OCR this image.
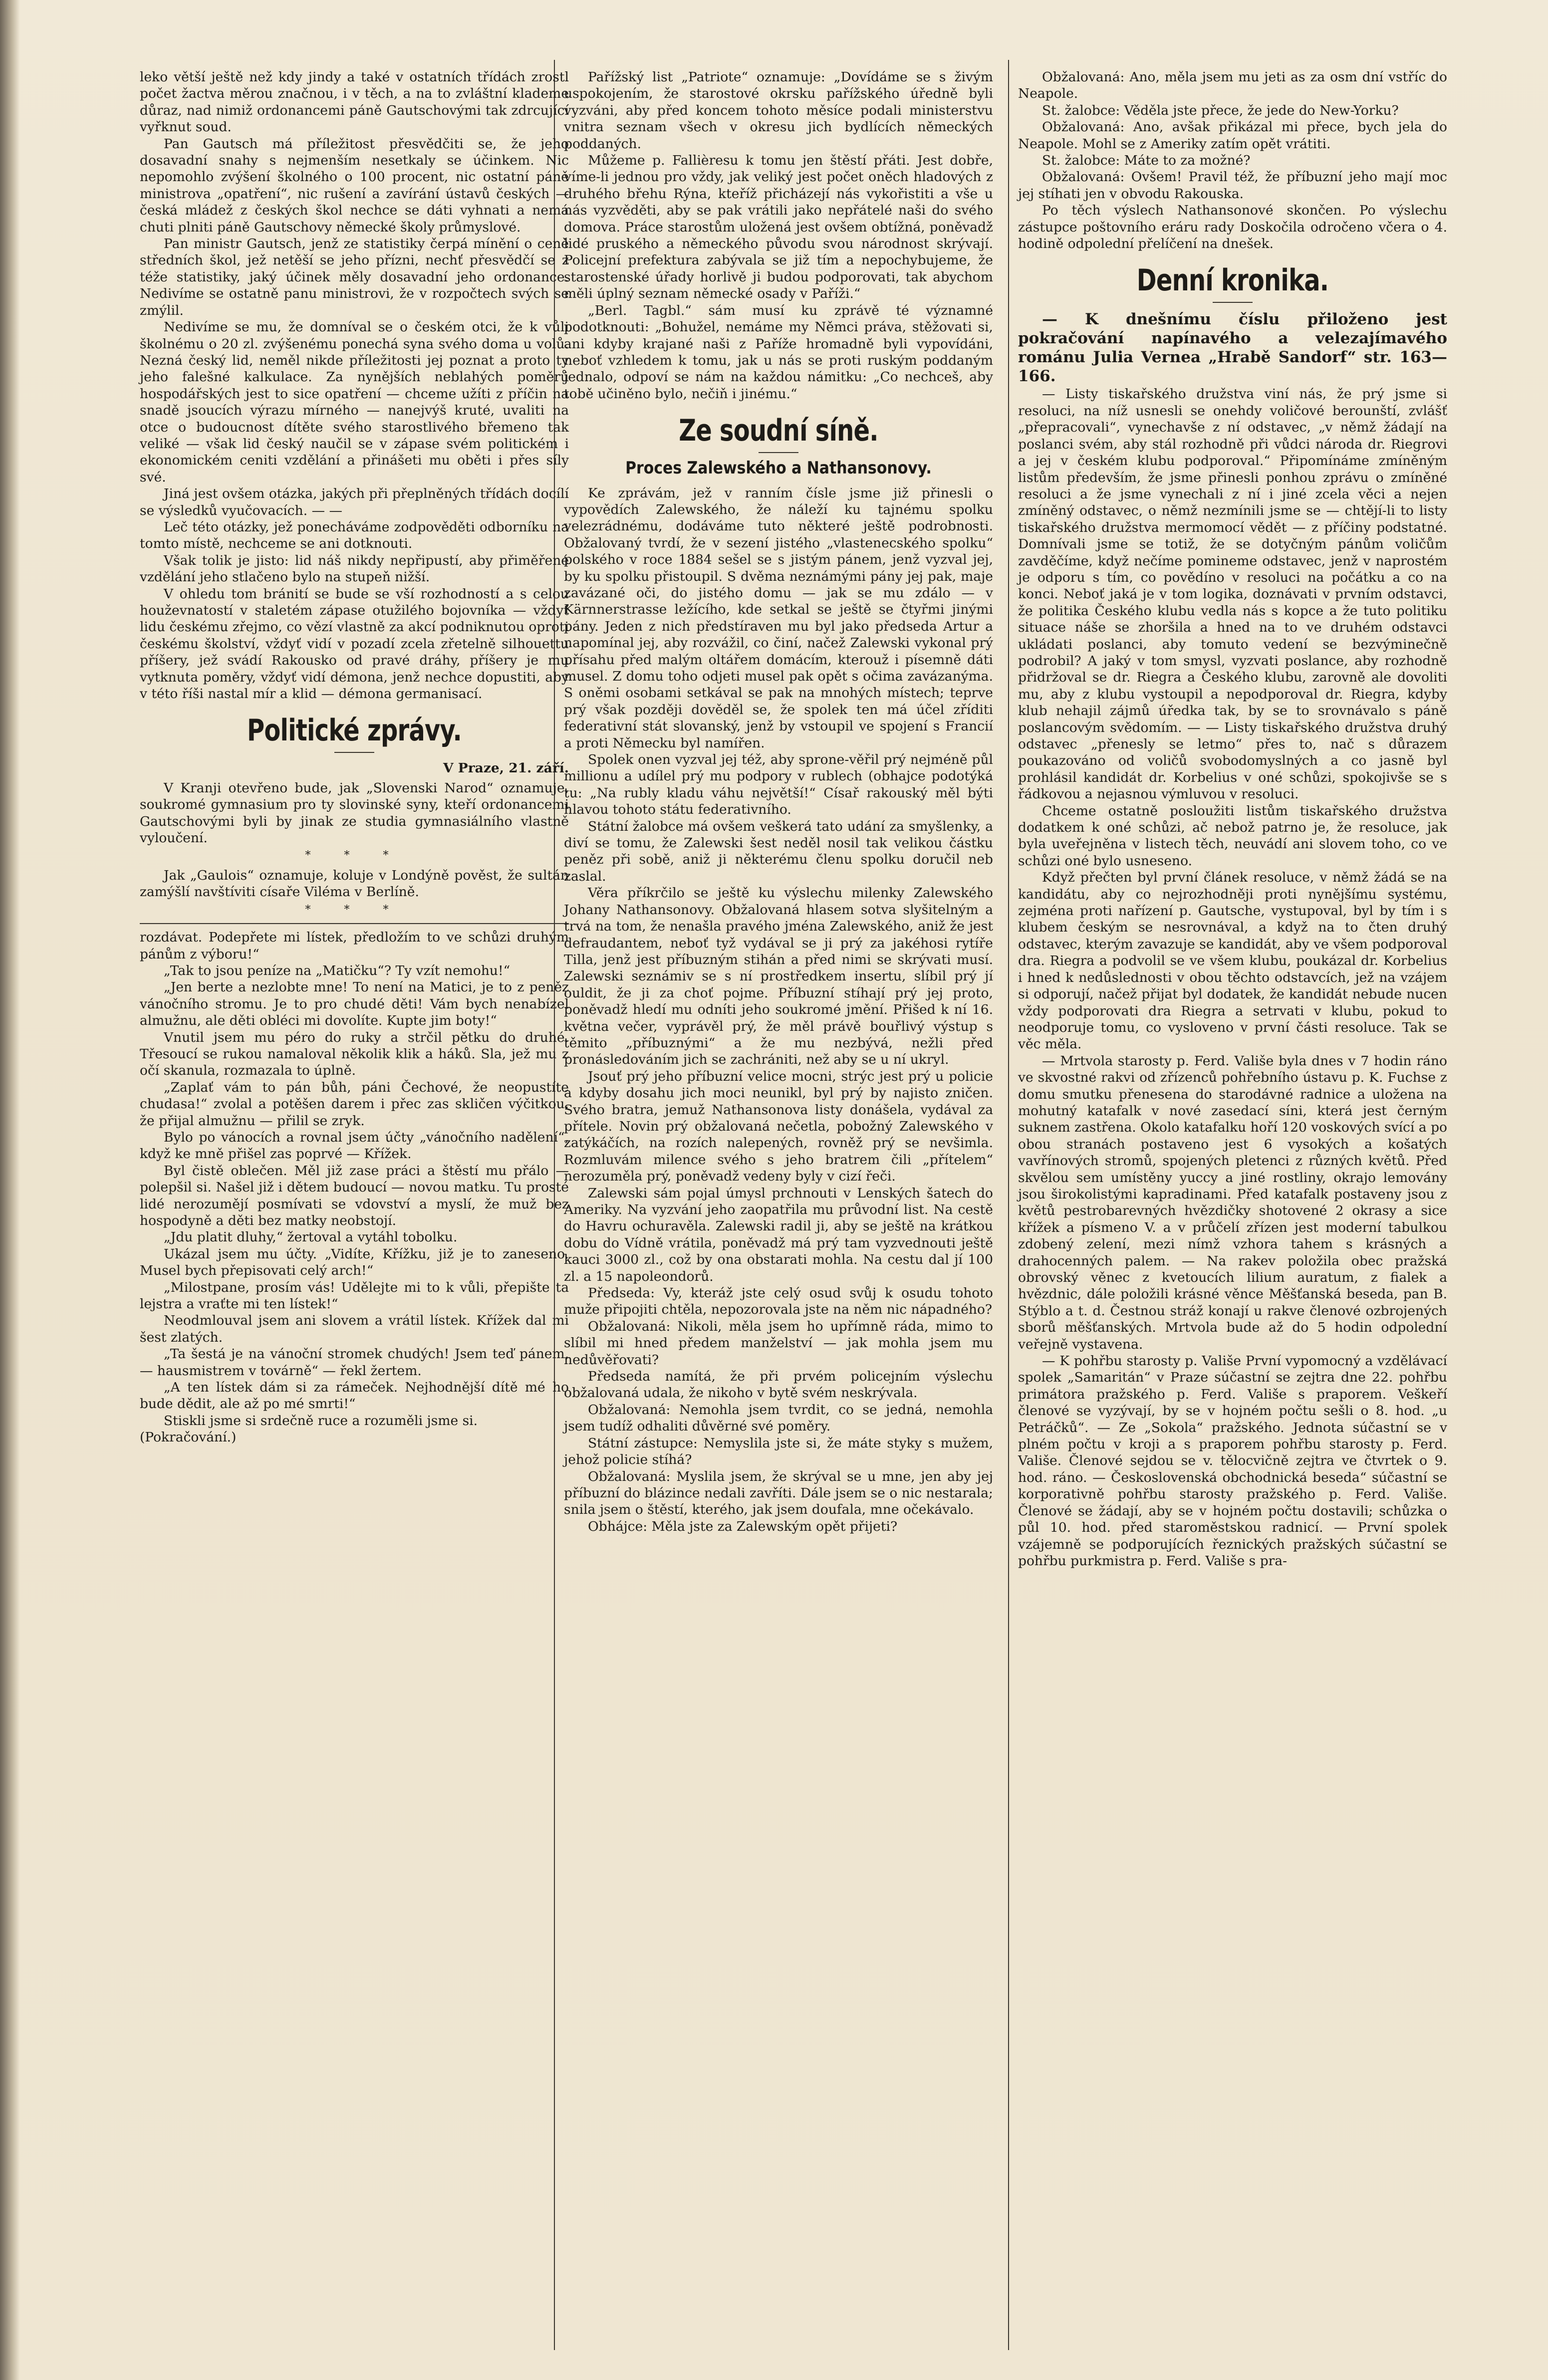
leko větší ještě než kdy jindy a také v ostatních třídách zrostl počet žactva měrou značnou, i v těch, a na to zvláštní klademe důraz, nad nimiž ordonancemi páně Gautschovými tak zdrcující vyřknut soud.

Pan Gautsch má příležitost přesvědčiti se, že jeho dosavadní snahy s nejmenším nesetkaly se účinkem. Nic nepomohlo zvýšení školného o 100 procent, nic ostatní páně ministrova „opatření“, nic rušení a zavírání ústavů českých — česká mládež z českých škol nechce se dáti vyhnati a nemá chuti plniti páně Gautschovy německé školy průmyslové.

Pan ministr Gautsch, jenž ze statistiky čerpá mínění o ceně středních škol, jež netěší se jeho přízni, nechť přesvědčí se z téže statistiky, jaký účinek měly dosavadní jeho ordonance. Nedivíme se ostatně panu ministrovi, že v rozpočtech svých se zmýlil.

Nedivíme se mu, že domníval se o českém otci, že k vůli školnému o 20 zl. zvýšenému ponechá syna svého doma u volů. Nezná český lid, neměl nikde příležitosti jej poznat a proto ty jeho falešné kalkulace. Za nynějších neblahých poměrů hospodářských jest to sice opatření — chceme užíti z příčin na snadě jsoucích výrazu mírného — nanejvýš kruté, uvaliti na otce o budoucnost dítěte svého starostlivého břemeno tak veliké — však lid český naučil se v zápase svém politickém i ekonomickém ceniti vzdělání a přinášeti mu oběti i přes síly své.

Jiná jest ovšem otázka, jakých při přeplněných třídách docílí se výsledků vyučovacích. — —

Leč této otázky, jež ponecháváme zodpověděti odborníku na tomto místě, nechceme se ani dotknouti.

Však tolik je jisto: lid náš nikdy nepřipustí, aby přiměřené vzdělání jeho stlačeno bylo na stupeň nižší.

V ohledu tom bránití se bude se vší rozhodností a s celou houževnatostí v staletém zápase otužilého bojovníka — vždyť lidu českému zřejmo, co vězí vlastně za akcí podniknutou oproti českému školství, vždyť vidí v pozadí zcela zřetelně silhouettu příšery, jež svádí Rakousko od pravé dráhy, příšery je mu vytknuta poměry, vždyť vidí démona, jenž nechce dopustiti, aby v této říši nastal mír a klid — démona germanisací.

Politické zprávy.
V Praze, 21. září.

V Kranji otevřeno bude, jak „Slovenski Narod“ oznamuje, soukromé gymnasium pro ty slovinské syny, kteří ordonancemi Gautschovými byli by jinak ze studia gymnasiálního vlastně vyloučení.

* * *

Jak „Gaulois“ oznamuje, koluje v Londýně pověst, že sultán zamýšlí navštíviti císaře Viléma v Berlíně.

* * *

rozdávat. Podepřete mi lístek, předložím to ve schůzi druhým pánům z výboru!“

„Tak to jsou peníze na „Matičku“? Ty vzít nemohu!“

„Jen berte a nezlobte mne! To není na Matici, je to z peněz vánočního stromu. Je to pro chudé děti! Vám bych nenabízel almužnu, ale děti obléci mi dovolíte. Kupte jim boty!“

Vnutil jsem mu péro do ruky a strčil pětku do druhé. Třesoucí se rukou namaloval několik klik a háků. Sla, jež mu z očí skanula, rozmazala to úplně.

„Zaplať vám to pán bůh, páni Čechové, že neopustíte chudasa!“ zvolal a potěšen darem i přec zas skličen výčitkou, že přijal almužnu — přilil se zryk.

Bylo po vánocích a rovnal jsem účty „vánočního nadělení“, když ke mně přišel zas poprvé — Křížek.

Byl čistě oblečen. Měl již zase práci a štěstí mu přálo — polepšil si. Našel již i dětem budoucí — novou matku. Tu prosté lidé nerozumějí posmívati se vdovství a myslí, že muž bez hospodyně a děti bez matky neobstojí.

„Jdu platit dluhy,“ žertoval a vytáhl tobolku.

Ukázal jsem mu účty. „Vidíte, Křížku, již je to zaneseno. Musel bych přepisovati celý arch!“

„Milostpane, prosím vás! Udělejte mi to k vůli, přepište ta lejstra a vraťte mi ten lístek!“

Neodmlouval jsem ani slovem a vrátil lístek. Křížek dal mi šest zlatých.

„Ta šestá je na vánoční stromek chudých! Jsem teď pánem, — hausmistrem v továrně“ — řekl žertem.

„A ten lístek dám si za rámeček. Nejhodnější dítě mé ho bude dědit, ale až po mé smrti!“

Stiskli jsme si srdečně ruce a rozuměli jsme si.

(Pokračování.)

Pařížský list „Patriote“ oznamuje: „Dovídáme se s živým uspokojením, že starostové okrsku pařížského úředně byli vyzváni, aby před koncem tohoto měsíce podali ministerstvu vnitra seznam všech v okresu jich bydlících německých poddaných.

Můžeme p. Fallièresu k tomu jen štěstí přáti. Jest dobře, víme-li jednou pro vždy, jak veliký jest počet oněch hladových z druhého břehu Rýna, kteříž přicházejí nás vykořistiti a vše u nás vyzvěděti, aby se pak vrátili jako nepřátelé naši do svého domova. Práce starostům uložená jest ovšem obtížná, poněvadž lidé pruského a německého původu svou národnost skrývají. Policejní prefektura zabývala se již tím a nepochybujeme, že starostenské úřady horlivě ji budou podporovati, tak abychom měli úplný seznam německé osady v Paříži.“

„Berl. Tagbl.“ sám musí ku zprávě té významné podotknouti: „Bohužel, nemáme my Němci práva, stěžovati si, ani kdyby krajané naši z Paříže hromadně byli vypovídáni, neboť vzhledem k tomu, jak u nás se proti ruským poddaným jednalo, odpoví se nám na každou námitku: „Co nechceš, aby tobě učiněno bylo, nečiň i jinému.“

Ze soudní síně.
Proces Zalewského a Nathansonovy.

Ke zprávám, jež v ranním čísle jsme již přinesli o vypovědích Zalewského, že náleží ku tajnému spolku velezrádnému, dodáváme tuto některé ještě podrobnosti. Obžalovaný tvrdí, že v sezení jistého „vlastenecského spolku“ polského v roce 1884 sešel se s jistým pánem, jenž vyzval jej, by ku spolku přistoupil. S dvěma neznámými pány jej pak, maje zavázané oči, do jistého domu — jak se mu zdálo — v Kärnnerstrasse ležícího, kde setkal se ještě se čtyřmi jinými pány. Jeden z nich předstíraven mu byl jako předseda Artur a napomínal jej, aby rozvážil, co činí, načež Zalewski vykonal prý přísahu před malým oltářem domácím, kterouž i písemně dáti musel. Z domu toho odjeti musel pak opět s očima zavázanýma. S oněmi osobami setkával se pak na mnohých místech; teprve prý však později dověděl se, že spolek ten má účel zříditi federativní stát slovanský, jenž by vstoupil ve spojení s Francií a proti Německu byl namířen.

Spolek onen vyzval jej též, aby sprone-věřil prý nejméně půl millionu a udílel prý mu podpory v rublech (obhajce podotýká tu: „Na rubly kladu váhu největší!“ Císař rakouský měl býti hlavou tohoto státu federativního.

Státní žalobce má ovšem veškerá tato udání za smyšlenky, a diví se tomu, že Zalewski šest neděl nosil tak velikou částku peněz při sobě, aniž ji některému členu spolku doručil neb zaslal.

Věra příkrčilo se ještě ku výslechu milenky Zalewského Johany Nathansonovy. Obžalovaná hlasem sotva slyšitelným a trvá na tom, že nenašla pravého jména Zalewského, aniž že jest defraudantem, neboť tyž vydával se ji prý za jakéhosi rytíře Tilla, jenž jest příbuzným stihán a před nimi se skrývati musí. Zalewski seznámiv se s ní prostředkem insertu, slíbil prý jí ouldit, že ji za choť pojme. Příbuzní stíhají prý jej proto, poněvadž hledí mu odníti jeho soukromé jmění. Přišed k ní 16. května večer, vyprávěl prý, že měl právě bouřlivý výstup s těmito „příbuznými“ a že mu nezbývá, nežli před pronásledováním jich se zachrániti, než aby se u ní ukryl.

Jsouť prý jeho příbuzní velice mocni, strýc jest prý u policie a kdyby dosahu jich moci neunikl, byl prý by najisto zničen. Svého bratra, jemuž Nathansonova listy donášela, vydával za přítele. Novin prý obžalovaná nečetla, pobožný Zalewského v zatýkáčích, na rozích nalepených, rovněž prý se nevšimla. Rozmluvám milence svého s jeho bratrem čili „přítelem“ nerozuměla prý, poněvadž vedeny byly v cizí řeči.

Zalewski sám pojal úmysl prchnouti v Lenských šatech do Ameriky. Na vyzvání jeho zaopatřila mu průvodní list. Na cestě do Havru ochuravěla. Zalewski radil ji, aby se ještě na krátkou dobu do Vídně vrátila, poněvadž má prý tam vyzvednouti ještě kauci 3000 zl., což by ona obstarati mohla. Na cestu dal jí 100 zl. a 15 napoleondorů.

Předseda: Vy, kteráž jste celý osud svůj k osudu tohoto muže připojiti chtěla, nepozorovala jste na něm nic nápadného?

Obžalovaná: Nikoli, měla jsem ho upřímně ráda, mimo to slíbil mi hned předem manželství — jak mohla jsem mu nedůvěřovati?

Předseda namítá, že při prvém policejním výslechu obžalovaná udala, že nikoho v bytě svém neskrývala.

Obžalovaná: Nemohla jsem tvrdit, co se jedná, nemohla jsem tudíž odhaliti důvěrné své poměry.

Státní zástupce: Nemyslila jste si, že máte styky s mužem, jehož policie stíhá?

Obžalovaná: Myslila jsem, že skrýval se u mne, jen aby jej příbuzní do blázince nedali zavříti. Dále jsem se o nic nestarala; snila jsem o štěstí, kterého, jak jsem doufala, mne očekávalo.

Obhájce: Měla jste za Zalewským opět přijeti?

Obžalovaná: Ano, měla jsem mu jeti as za osm dní vstříc do Neapole.

St. žalobce: Věděla jste přece, že jede do New-Yorku?

Obžalovaná: Ano, avšak přikázal mi přece, bych jela do Neapole. Mohl se z Ameriky zatím opět vrátiti.

St. žalobce: Máte to za možné?

Obžalovaná: Ovšem! Pravil též, že příbuzní jeho mají moc jej stíhati jen v obvodu Rakouska.

Po těch výslech Nathansonové skončen. Po výslechu zástupce poštovního eráru rady Doskočila odročeno včera o 4. hodině odpolední přelíčení na dnešek.

Denní kronika.

— K dnešnímu číslu přiloženo jest pokračování napínavého a velezajímavého románu Julia Vernea „Hrabě Sandorf“ str. 163—166.

— Listy tiskařského družstva viní nás, že prý jsme si resoluci, na níž usnesli se onehdy voličové berounští, zvlášť „přepracovali“, vynechavše z ní odstavec, „v němž žádají na poslanci svém, aby stál rozhodně při vůdci národa dr. Riegrovi a jej v českém klubu podporoval.“ Připomínáme zmíněným listům především, že jsme přinesli ponhou zprávu o zmíněné resoluci a že jsme vynechali z ní i jiné zcela věci a nejen zmíněný odstavec, o němž nezmínili jsme se — chtějí-li to listy tiskařského družstva mermomocí vědět — z příčiny podstatné. Domnívali jsme se totiž, že se dotyčným pánům voličům zavděčíme, když nečíme pomineme odstavec, jenž v naprostém je odporu s tím, co povědíno v resoluci na počátku a co na konci. Neboť jaká je v tom logika, doznávati v prvním odstavci, že politika Českého klubu vedla nás s kopce a že tuto politiku situace náše se zhoršila a hned na to ve druhém odstavci ukládati poslanci, aby tomuto vedení se bezvýminečně podrobil? A jaký v tom smysl, vyzvati poslance, aby rozhodně přidržoval se dr. Riegra a Českého klubu, zarovně ale dovoliti mu, aby z klubu vystoupil a nepodporoval dr. Riegra, kdyby klub nehajil zájmů úředka tak, by se to srovnávalo s páně poslancovým svědomím. — — Listy tiskařského družstva druhý odstavec „přenesly se letmo“ přes to, nač s důrazem poukazováno od voličů svobodomyslných a co jasně byl prohlásil kandidát dr. Korbelius v oné schůzi, spokojivše se s řádkovou a nejasnou výmluvou v resoluci.

Chceme ostatně posloužiti listům tiskařského družstva dodatkem k oné schůzi, ač nebož patrno je, že resoluce, jak byla uveřejněna v listech těch, neuvádí ani slovem toho, co ve schůzi oné bylo usneseno.

Když přečten byl první článek resoluce, v němž žádá se na kandidátu, aby co nejrozhodněji proti nynějšímu systému, zejména proti nařízení p. Gautsche, vystupoval, byl by tím i s klubem českým se nesrovnával, a když na to čten druhý odstavec, kterým zavazuje se kandidát, aby ve všem podporoval dra. Riegra a podvolil se ve všem klubu, poukázal dr. Korbelius i hned k nedůslednosti v obou těchto odstavcích, jež na vzájem si odporují, načež přijat byl dodatek, že kandidát nebude nucen vždy podporovati dra Riegra a setrvati v klubu, pokud to neodporuje tomu, co vysloveno v první části resoluce. Tak se věc měla.

— Mrtvola starosty p. Ferd. Vališe byla dnes v 7 hodin ráno ve skvostné rakvi od zřízenců pohřebního ústavu p. K. Fuchse z domu smutku přenesena do starodávné radnice a uložena na mohutný katafalk v nové zasedací síni, která jest černým suknem zastřena. Okolo katafalku hoří 120 voskových svící a po obou stranách postaveno jest 6 vysokých a košatých vavřínových stromů, spojených pletenci z různých květů. Před skvělou sem umístěny yuccy a jiné rostliny, okrajo lemovány jsou širokolistými kapradinami. Před katafalk postaveny jsou z květů pestrobarevných hvězdičky shotovené 2 okrasy a sice křížek a písmeno V. a v průčelí zřízen jest moderní tabulkou zdobený zelení, mezi nímž vzhora tahem s krásných a drahocenných palem. — Na rakev položila obec pražská obrovský věnec z kvetoucích lilium auratum, z fialek a hvězdnic, dále položili krásné věnce Měšťanská beseda, pan B. Stýblo a t. d. Čestnou stráž konají u rakve členové ozbrojených sborů měšťanských. Mrtvola bude až do 5 hodin odpolední veřejně vystavena.

— K pohřbu starosty p. Vališe První vypomocný a vzdělávací spolek „Samaritán“ v Praze súčastní se zejtra dne 22. pohřbu primátora pražského p. Ferd. Vališe s praporem. Veškeří členové se vyzývají, by se v hojném počtu sešli o 8. hod. „u Petráčků“. — Ze „Sokola“ pražského. Jednota súčastní se v plném počtu v kroji a s praporem pohřbu starosty p. Ferd. Vališe. Členové sejdou se v. tělocvičně zejtra ve čtvrtek o 9. hod. ráno. — Československá obchodnická beseda“ súčastní se korporativně pohřbu starosty pražského p. Ferd. Vališe. Členové se žádají, aby se v hojném počtu dostavili; schůzka o půl 10. hod. před staroměstskou radnicí. — První spolek vzájemně se podporujících řeznických pražských súčastní se pohřbu purkmistra p. Ferd. Vališe s pra-
